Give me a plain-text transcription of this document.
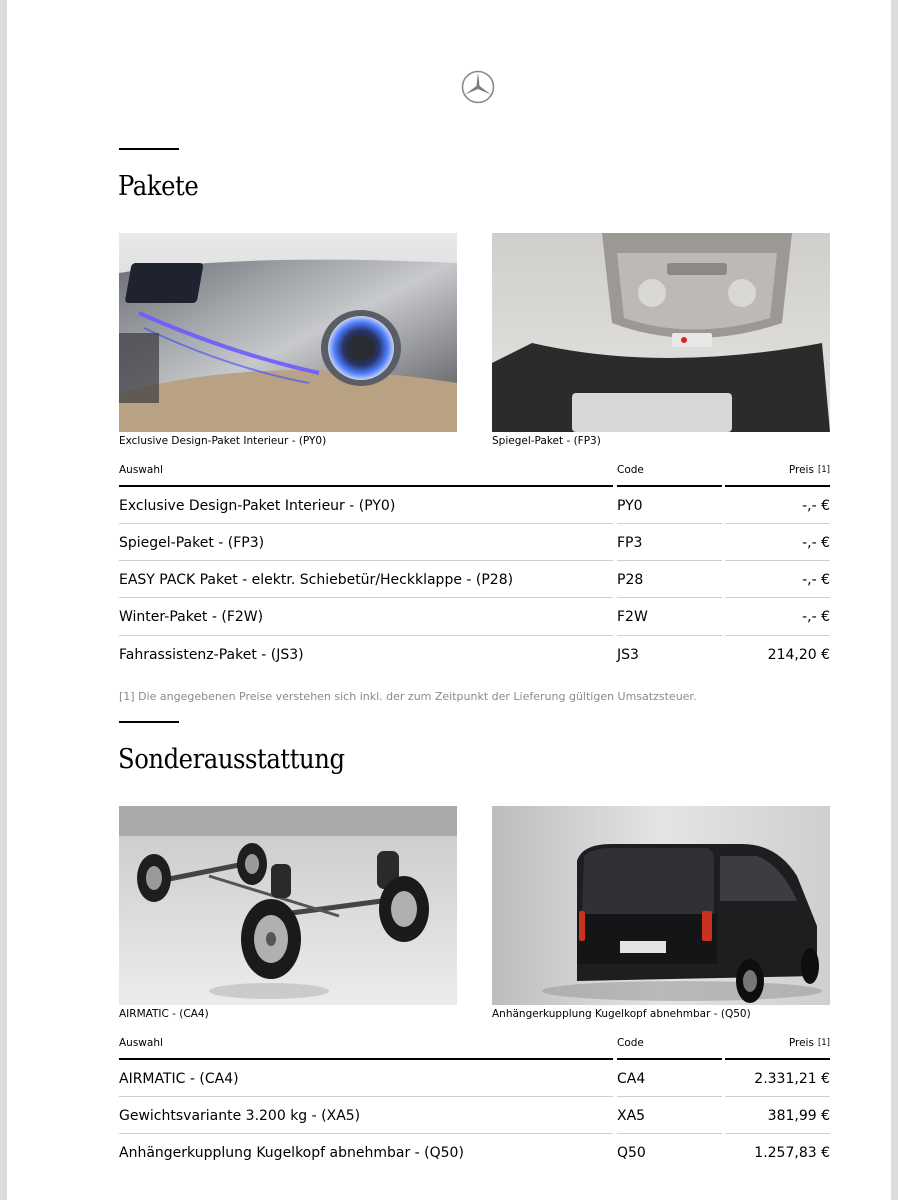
Pakete
Exclusive Design-Paket Interieur - (PY0)	Spiegel-Paket - (FP3)
Auswahl	Code	Preis [1]
Exclusive Design-Paket Interieur - (PY0)	PY0	-,- €
Spiegel-Paket - (FP3)	FP3	-,- €
EASY PACK Paket - elektr. Schiebetür/Heckklappe - (P28)	P28	-,- €
Winter-Paket - (F2W)	F2W	-,- €
Fahrassistenz-Paket - (JS3)	JS3	214,20 €
[1] Die angegebenen Preise verstehen sich inkl. der zum Zeitpunkt der Lieferung gültigen Umsatzsteuer.
Sonderausstattung
AIRMATIC - (CA4)	Anhängerkupplung Kugelkopf abnehmbar - (Q50)
Auswahl	Code	Preis [1]
AIRMATIC - (CA4)	CA4	2.331,21 €
Gewichtsvariante 3.200 kg - (XA5)	XA5	381,99 €
Anhängerkupplung Kugelkopf abnehmbar - (Q50)	Q50	1.257,83 €
